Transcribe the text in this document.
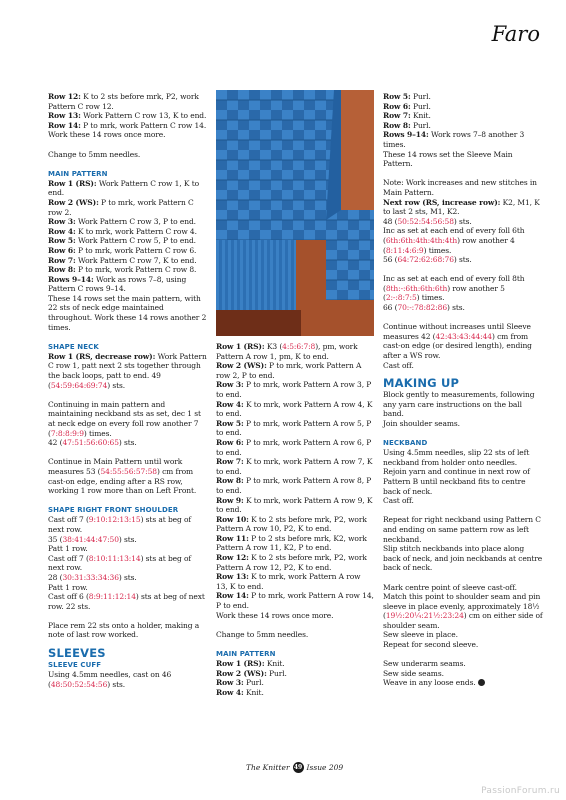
Faro

Row 12: K to 2 sts before mrk, P2, work Pattern C row 12.

Row 13: Work Pattern C row 13, K to end.

Row 14: P to mrk, work Pattern C row 14.

Work these 14 rows once more.

Change to 5mm needles.

MAIN PATTERN

Row 1 (RS): Work Pattern C row 1, K to end.

Row 2 (WS): P to mrk, work Pattern C row 2.

Row 3: Work Pattern C row 3, P to end.

Row 4: K to mrk, work Pattern C row 4.

Row 5: Work Pattern C row 5, P to end.

Row 6: P to mrk, work Pattern C row 6.

Row 7: Work Pattern C row 7, K to end.

Row 8: P to mrk, work Pattern C row 8.

Rows 9–14: Work as rows 7–8, using Pattern C rows 9–14.

These 14 rows set the main pattern, with 22 sts of neck edge maintained throughout. Work these 14 rows another 2 times.

SHAPE NECK

Row 1 (RS, decrease row): Work Pattern C row 1, patt next 2 sts together through the back loops, patt to end. 49 (54:59:64:69:74) sts.

Continuing in main pattern and maintaining neckband sts as set, dec 1 st at neck edge on every foll row another 7 (7:8:8:9:9) times.

42 (47:51:56:60:65) sts.

Continue in Main Pattern until work measures 53 (54:55:56:57:58) cm from cast-on edge, ending after a RS row, working 1 row more than on Left Front.

SHAPE RIGHT FRONT SHOULDER

Cast off 7 (9:10:12:13:15) sts at beg of next row.

35 (38:41:44:47:50) sts.

Patt 1 row.

Cast off 7 (8:10:11:13:14) sts at beg of next row.

28 (30:31:33:34:36) sts.

Patt 1 row.

Cast off 6 (8:9:11:12:14) sts at beg of next row. 22 sts.

Place rem 22 sts onto a holder, making a note of last row worked.

SLEEVES

SLEEVE CUFF

Using 4.5mm needles, cast on 46 (48:50:52:54:56) sts.

Row 1 (RS): K3 (4:5:6:7:8), pm, work Pattern A row 1, pm, K to end.

Row 2 (WS): P to mrk, work Pattern A row 2, P to end.

Row 3: P to mrk, work Pattern A row 3, P to end.

Row 4: K to mrk, work Pattern A row 4, K to end.

Row 5: P to mrk, work Pattern A row 5, P to end.

Row 6: P to mrk, work Pattern A row 6, P to end.

Row 7: K to mrk, work Pattern A row 7, K to end.

Row 8: P to mrk, work Pattern A row 8, P to end.

Row 9: K to mrk, work Pattern A row 9, K to end.

Row 10: K to 2 sts before mrk, P2, work Pattern A row 10, P2, K to end.

Row 11: P to 2 sts before mrk, K2, work Pattern A row 11, K2, P to end.

Row 12: K to 2 sts before mrk, P2, work Pattern A row 12, P2, K to end.

Row 13: K to mrk, work Pattern A row 13, K to end.

Row 14: P to mrk, work Pattern A row 14, P to end.

Work these 14 rows once more.

Change to 5mm needles.

MAIN PATTERN

Row 1 (RS): Knit.

Row 2 (WS): Purl.

Row 3: Purl.

Row 4: Knit.

Row 5: Purl.

Row 6: Purl.

Row 7: Knit.

Row 8: Purl.

Rows 9–14: Work rows 7–8 another 3 times.

These 14 rows set the Sleeve Main Pattern.

Note: Work increases and new stitches in Main Pattern.

Next row (RS, increase row): K2, M1, K to last 2 sts, M1, K2.

48 (50:52:54:56:58) sts.

Inc as set at each end of every foll 6th (6th:6th:4th:4th:4th) row another 4 (8:11:4:6:9) times.

56 (64:72:62:68:76) sts.

Inc as set at each end of every foll 8th (8th:-:6th:6th:6th) row another 5 (2:-:8:7:5) times.

66 (70:-:78:82:86) sts.

Continue without increases until Sleeve measures 42 (42:43:43:44:44) cm from cast-on edge (or desired length), ending after a WS row.

Cast off.

MAKING UP

Block gently to measurements, following any yarn care instructions on the ball band.

Join shoulder seams.

NECKBAND

Using 4.5mm needles, slip 22 sts of left neckband from holder onto needles.

Rejoin yarn and continue in next row of Pattern B until neckband fits to centre back of neck.

Cast off.

Repeat for right neckband using Pattern C and ending on same pattern row as left neckband.

Slip stitch neckbands into place along back of neck, and join neckbands at centre back of neck.

Mark centre point of sleeve cast-off.

Match this point to shoulder seam and pin sleeve in place evenly, approximately 18½ (19½:20¼:21½:23:24) cm on either side of shoulder seam.

Sew sleeve in place.

Repeat for second sleeve.

Sew underarm seams.

Sew side seams.

Weave in any loose ends.

The Knitter 49 Issue 209
PassionForum.ru
